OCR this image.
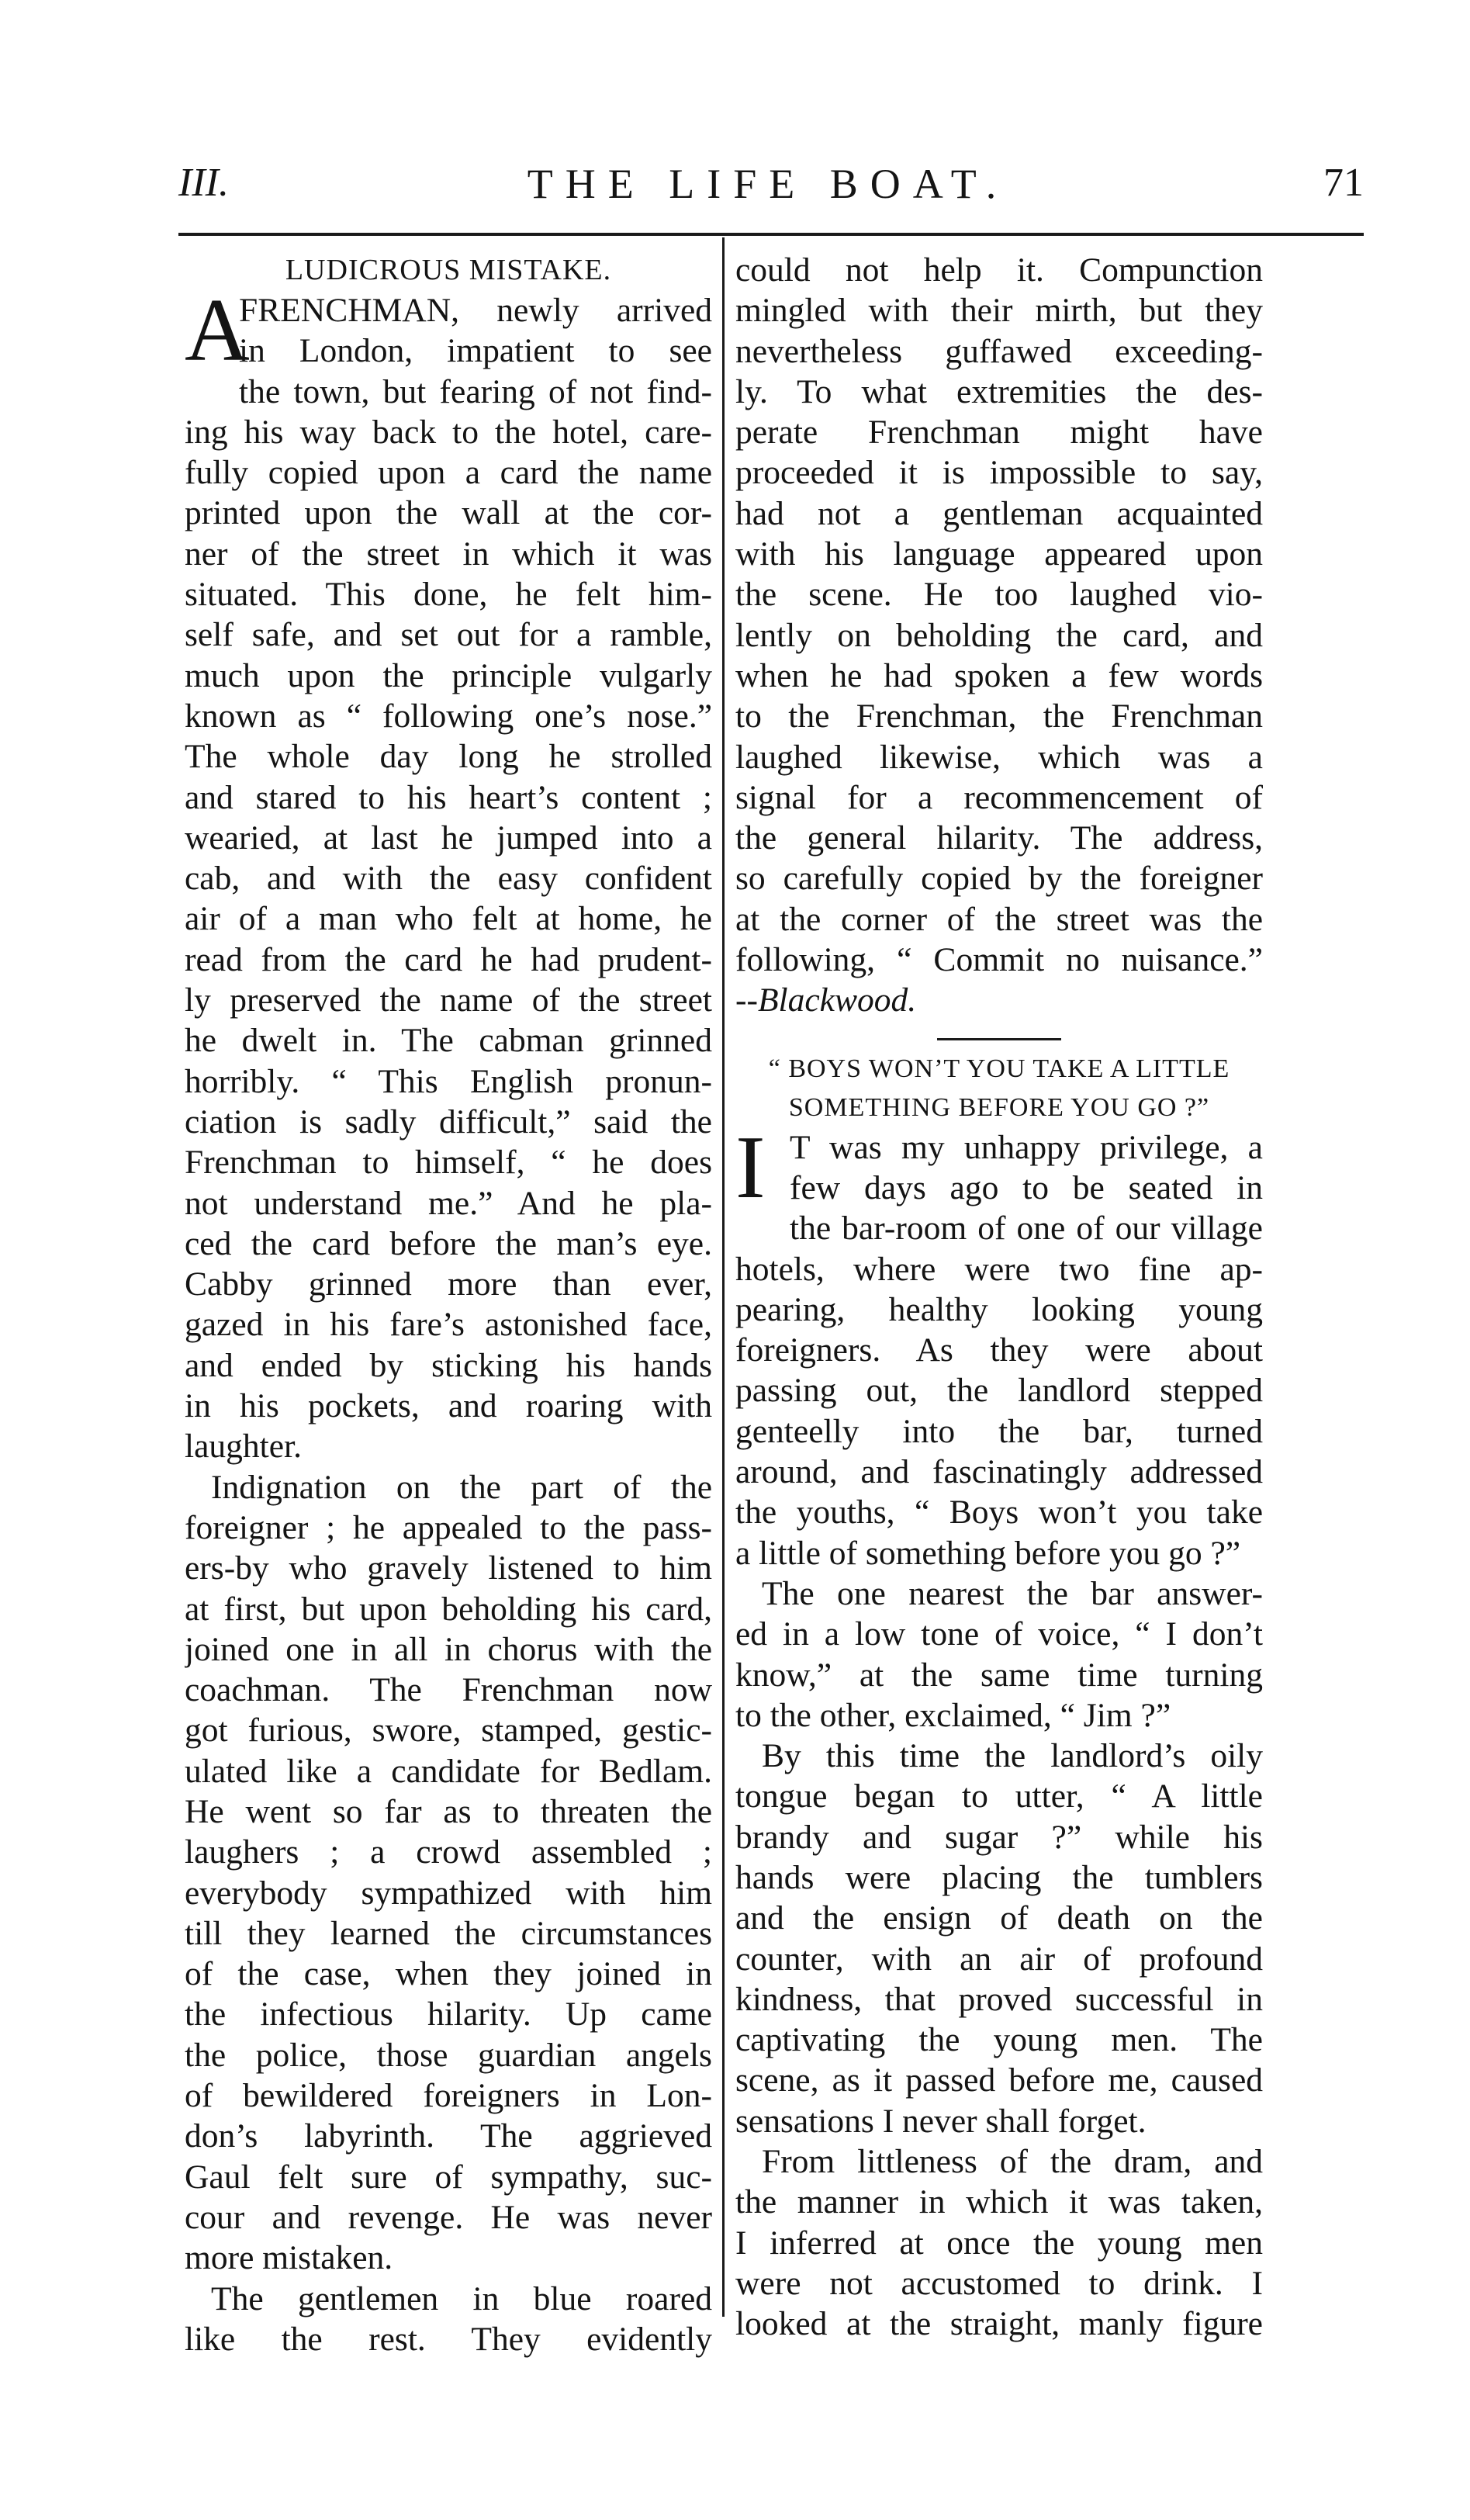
III.	THE LIFE BOAT.	71
LUDICROUS MISTAKE.
A
FRENCHMAN, newly arrived
in London, impatient to see
the town, but fearing of not find-
ing his way back to the hotel, care-
fully copied upon a card the name
printed upon the wall at the cor-
ner of the street in which it was
situated. This done, he felt him-
self safe, and set out for a ramble,
much upon the principle vulgarly
known as “ following one’s nose.”
The whole day long he strolled
and stared to his heart’s content ;
wearied, at last he jumped into a
cab, and with the easy confident
air of a man who felt at home, he
read from the card he had prudent-
ly preserved the name of the street
he dwelt in. The cabman grinned
horribly. “ This English pronun-
ciation is sadly difficult,” said the
Frenchman to himself, “ he does
not understand me.” And he pla-
ced the card before the man’s eye.
Cabby grinned more than ever,
gazed in his fare’s astonished face,
and ended by sticking his hands
in his pockets, and roaring with
laughter.
Indignation on the part of the
foreigner ; he appealed to the pass-
ers-by who gravely listened to him
at first, but upon beholding his card,
joined one in all in chorus with the
coachman. The Frenchman now
got furious, swore, stamped, gestic-
ulated like a candidate for Bedlam.
He went so far as to threaten the
laughers ; a crowd assembled ;
everybody sympathized with him
till they learned the circumstances
of the case, when they joined in
the infectious hilarity. Up came
the police, those guardian angels
of bewildered foreigners in Lon-
don’s labyrinth. The aggrieved
Gaul felt sure of sympathy, suc-
cour and revenge. He was never
more mistaken.
The gentlemen in blue roared
like the rest. They evidently
could not help it. Compunction
mingled with their mirth, but they
nevertheless guffawed exceeding-
ly. To what extremities the des-
perate Frenchman might have
proceeded it is impossible to say,
had not a gentleman acquainted
with his language appeared upon
the scene. He too laughed vio-
lently on beholding the card, and
when he had spoken a few words
to the Frenchman, the Frenchman
laughed likewise, which was a
signal for a recommencement of
the general hilarity. The address,
so carefully copied by the foreigner
at the corner of the street was the
following, “ Commit no nuisance.”
--Blackwood.
“ BOYS WON’T YOU TAKE A LITTLE
SOMETHING BEFORE YOU GO ?”
I T was my unhappy privilege, a
few days ago to be seated in
the bar-room of one of our village
hotels, where were two fine ap-
pearing, healthy looking young
foreigners. As they were about
passing out, the landlord stepped
genteelly into the bar, turned
around, and fascinatingly addressed
the youths, “ Boys won’t you take
a little of something before you go ?”
The one nearest the bar answer-
ed in a low tone of voice, “ I don’t
know,” at the same time turning
to the other, exclaimed, “ Jim ?”
By this time the landlord’s oily
tongue began to utter, “ A little
brandy and sugar ?” while his
hands were placing the tumblers
and the ensign of death on the
counter, with an air of profound
kindness, that proved successful in
captivating the young men. The
scene, as it passed before me, caused
sensations I never shall forget.
From littleness of the dram, and
the manner in which it was taken,
I inferred at once the young men
were not accustomed to drink. I
looked at the straight, manly figure
